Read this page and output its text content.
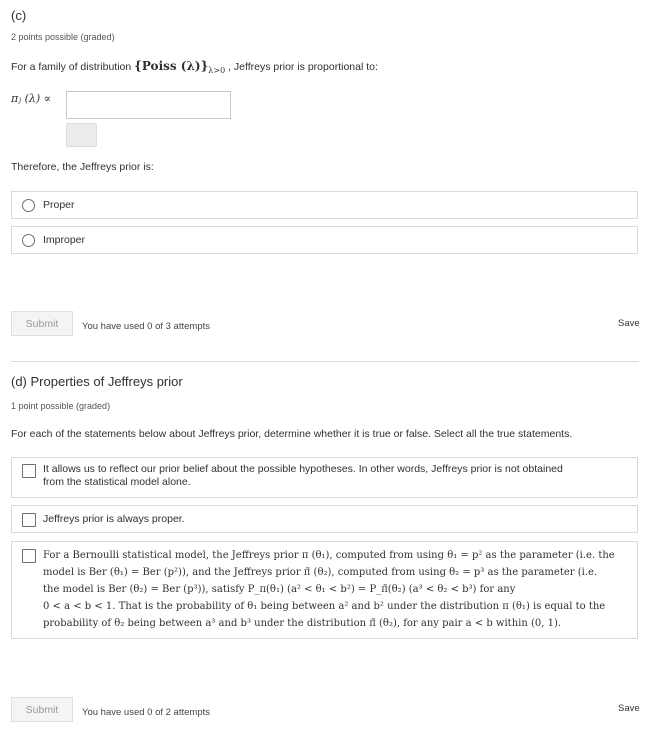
(c)
2 points possible (graded)
For a family of distribution {Poiss $(\lambda)\}_{\lambda>0}$ , Jeffreys prior is proportional to:
πⱼ (λ) ∝
Therefore, the Jeffreys prior is:
Proper
Improper
Submit	You have used 0 of 3 attempts	Save
(d) Properties of Jeffreys prior
1 point possible (graded)
For each of the statements below about Jeffreys prior, determine whether it is true or false. Select all the true statements.
It allows us to reflect our prior belief about the possible hypotheses. In other words, Jeffreys prior is not obtained
from the statistical model alone.
Jeffreys prior is always proper.
For a Bernoulli statistical model, the Jeffreys prior π (θ₁), computed from using θ₁ = p² as the parameter (i.e. the
model is Ber (θ₁) = Ber (p²)), and the Jeffreys prior π̃ (θ₂), computed from using θ₂ = p³ as the parameter (i.e.
the model is Ber (θ₂) = Ber (p³)), satisfy P_π(θ₁) (a² < θ₁ < b²) = P_π̃(θ₂) (a³ < θ₂ < b³) for any
0 < a < b < 1. That is the probability of θ₁ being between a² and b² under the distribution π (θ₁) is equal to the
probability of θ₂ being between a³ and b³ under the distribution π̃ (θ₂), for any pair a < b within (0, 1).
Submit	You have used 0 of 2 attempts	Save
